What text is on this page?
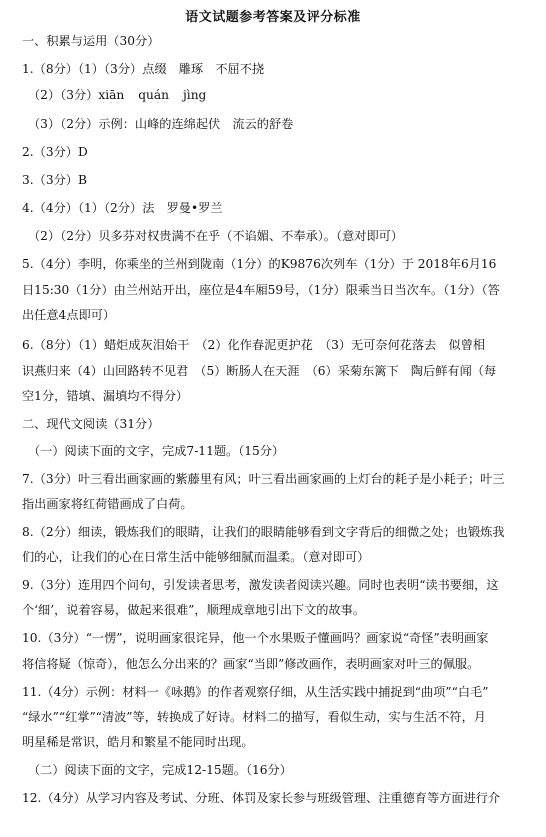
语文试题参考答案及评分标准
一、积累与运用（30分）
1.（8分）（1）（3分）点缀　雕琢　不屈不挠
（2）（3分）xiān quán jìng
（3）（2分）示例：山峰的连绵起伏　流云的舒卷
2.（3分）D
3.（3分）B
4.（4分）（1）（2分）法　罗曼•罗兰
（2）（2分）贝多芬对权贵满不在乎（不谄媚、不奉承）。（意对即可）
5.（4分）李明，你乘坐的兰州到陇南（1分）的K9876次列车（1分）于 2018年6月16
日15:30（1分）由兰州站开出，座位是4车厢59号，（1分）限乘当日当次车。（1分）（答
出任意4点即可）
6.（8分）（1）蜡炬成灰泪始干　（2）化作春泥更护花　（3）无可奈何花落去　似曾相
识燕归来（4）山回路转不见君　（5）断肠人在天涯　（6）采菊东篱下　陶后鲜有闻（每
空1分，错填、漏填均不得分）
二、现代文阅读（31分）
（一）阅读下面的文字，完成7-11题。（15分）
7.（3分）叶三看出画家画的紫藤里有风；叶三看出画家画的上灯台的耗子是小耗子；叶三
指出画家将红荷错画成了白荷。
8.（2分）细读，锻炼我们的眼睛，让我们的眼睛能够看到文字背后的细微之处；也锻炼我
们的心，让我们的心在日常生活中能够细腻而温柔。（意对即可）
9.（3分）连用四个问句，引发读者思考，激发读者阅读兴趣。同时也表明“读书要细，这
个‘细’，说着容易，做起来很难”，顺理成章地引出下文的故事。
10.（3分）“一愣”，说明画家很诧异，他一个水果贩子懂画吗？画家说“奇怪”表明画家
将信将疑（惊奇），他怎么分出来的？画家“当即”修改画作，表明画家对叶三的佩服。
11.（4分）示例：材料一《咏鹅》的作者观察仔细，从生活实践中捕捉到“曲项”“白毛”
“绿水”“红掌”“清波”等，转换成了好诗。材料二的描写，看似生动，实与生活不符，月
明星稀是常识，皓月和繁星不能同时出现。
（二）阅读下面的文字，完成12-15题。（16分）
12.（4分）从学习内容及考试、分班、体罚及家长参与班级管理、注重德育等方面进行介
